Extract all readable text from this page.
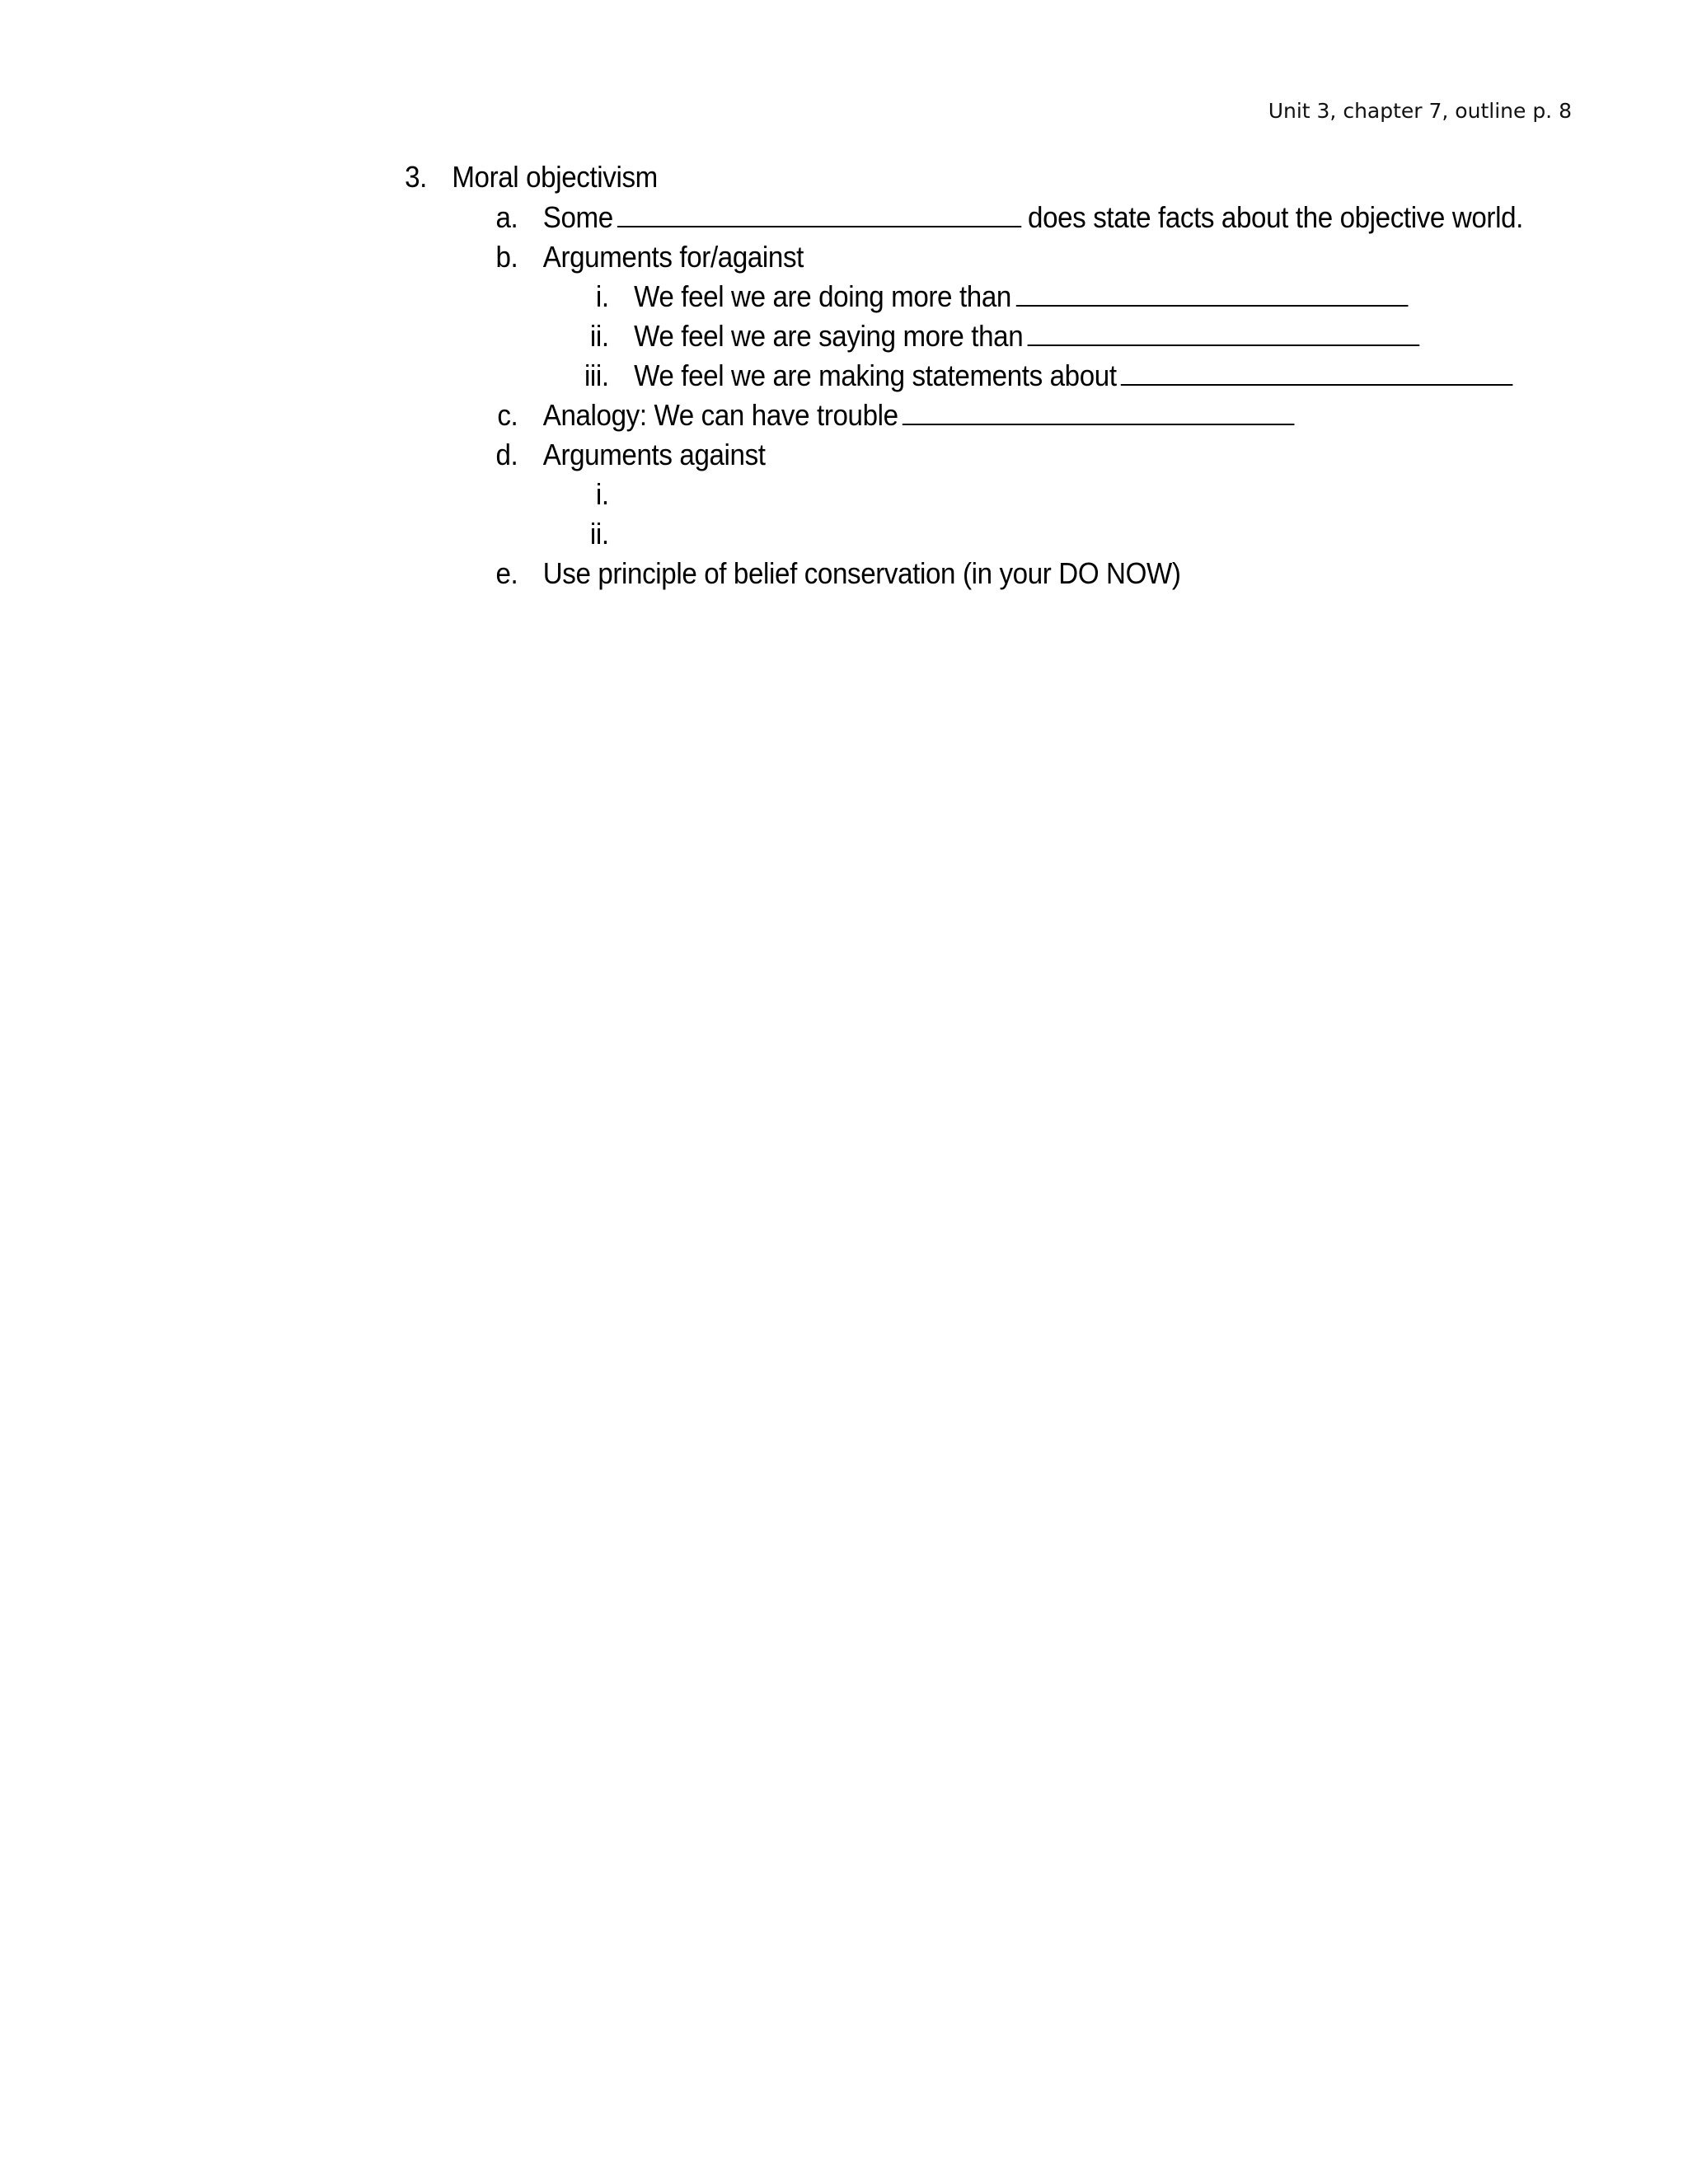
Unit 3, chapter 7, outline p. 8
3. Moral objectivism
a. Some	does state facts about the objective world.
b. Arguments for/against
i. We feel we are doing more than
ii. We feel we are saying more than
iii. We feel we are making statements about
c. Analogy: We can have trouble
d. Arguments against
i.
ii.
e. Use principle of belief conservation (in your DO NOW)
